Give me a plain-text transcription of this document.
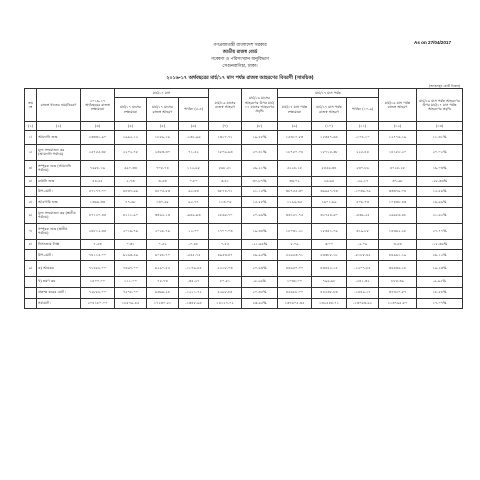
As on 27/04/2017
গণপ্রজাতন্ত্রী বাংলাদেশ সরকার
জাতীয় রাজস্ব বোর্ড
গবেষণা ও পরিসংখ্যান অনুবিভাগ
সেগুনবাগিচা, ঢাকা।
২০১৬-১৭ অর্থবছরের মার্চ/১৭ মাস পর্যন্ত রাজস্ব আহরণের বিবরণী (সাময়িক)
(অংকসমূহ কোটি টাকায়)
ক্রম নং	রাজস্ব খাতের নাম/বিবরণ	২০১৬-১৭ অর্থবছরের রাজস্ব লক্ষ্যমাত্রা	মার্চ/১৭ মাস			মার্চ/১৬ মাসের রাজস্ব আহরণ	মার্চ/১৬ মাসের আহরণের উপর মার্চ/১৭ মাসের আহরণের প্রবৃদ্ধি	মার্চ/১৭ মাস পর্যন্ত			মার্চ/১৬ মাস পর্যন্ত রাজস্ব আহরণ	মার্চ/১৬ মাস পর্যন্ত আহরণের উপর মার্চ/১৭ মাস পর্যন্ত আহরণের প্রবৃদ্ধি
			মার্চ/১৭ মাসের লক্ষ্যমাত্রা	মার্চ/১৭ মাসের রাজস্ব আহরণ	পার্থক্য (৫-৪)			মার্চ/১৭ মাস পর্যন্ত লক্ষ্যমাত্রা	মার্চ/১৭ মাস পর্যন্ত রাজস্ব আহরণ	পার্থক্য (১০-৯)		
(১)	(২)	(৩)	(৪)	(৫)	(৬)	(৭)	(৮)	(৯)	(১০)	(১১)	(১২)	(১৩)
১।	আমদানি শুল্ক	২৩৩৩১.৯০	১৯৯২.১২	১৮৫৯.১৬	-১৩২.৯৬	১৩১০.৭১	১৯.৫৮%	১৫৩১০.৮৩	১৫৩৫৭.৬৪	-১০৪.১০	১২৭৭৬.১৯	১১.৩১%
২।	মূল্য সংযোজন কর (আমদানি পর্যায়ে)	২৫৭৫৫.৩৮	২২০২.৭৮	২৩৫৩.৩০	৭১.৫২	১৮০৬.৬৩	২০.৪১%	১৮৭৫০.০৪	১৮৭১৪.৩৮	২২৫.৪৪	১৪১৮৮.২০	২০.০২%
৩।	সম্পূরক শুল্ক (আমদানি পর্যায়ে)	৭৬৮৮.১৬	৫৯০.৩৩	৭০৮.৭৪	১১২.৯৮	৫৬৮.৫১	২৬.২১%	৫২২৮.১৮	৫৪৫৬.৩৪	২৩০.৮৬	৪৭২৮.২৮	১৬.০৩%
৪।	রপ্তানি শুল্ক	৪৪.৫৫	২.৭৩	৩.৫৩	০.৮০	৩.৪১	৩০.৮৭%	৩৩.০২	২৬.৬৪	-২৯.১৭	৩৭.৬৮	-২৮.৩৩%
	উপ-মোট :	৫৭১৭৭.০০	৪৮৩৭.৯৬	৪৮০৫.৫৩	৬২.৪৩	৩৮৭৪.৭১	২১.১৫%	৩৮৭৫৫.৩০	৩৯৬৫৭.৭৩	-১০৩৬.৭৯	৩৩৩৭৯.০৪	১২.৫৬%
৫।	আবগারি শুল্ক	১৩৬৬.৩৩	৭৭.৬৮	১৩০.৬৫	৯২.৭৭	১১৩.০৬	১৫.৫৮%	১১৯৬.৩৫	১৬০১.৬৯	৫০৬.৭৩	১০৪৩৮.৪৩	১৬.৬৯%
৬।	মূল্য সংযোজন কর (স্থানীয় পর্যায়ে)	৪৭১২০.৪৪	৪১১১.৯০	৩৪৬২.১৩	-৬৪৯.৬৩	২৮৬৬.৭০	২০.৬৯%	৩৩১৫১.৭৫	৩২৭৫৪.৬০	-৪৩৯.২৫	২৬৯৮৬.৪৮	২১.৬২%
৭।	সম্পূরক শুল্ক (স্থানীয় পর্যায়ে)	২৪৮১২.৩৪	২০১৬.৭৬	২০২৮.৭৬	১২.০০	১৭০০.০৩	১৯.৩৪%	১৮০৩১.২১	১৮৩৫১.০৯	৩১৯.৮৮	১৪৩৬২.২৮	২৭.৭৭%
৮।	টার্নওভার ট্যাক্স	৭.৫৩	০.৩১	০.৫২	-০.৪৮	০.৫৫	-২১.৬৪%	৫.০৯	৩.০০	-২.০৯	৩.৫৩	-১৫.৩৬%
	উপ-মোট :	৭৪১১৫.০০	৬১৬৩.৪৯	৬০৫৮.৭০	-৫৫৫.৭৫	৪৯৫৩.৪৭	২৬.৯৫%	৫২৬৫৩.৭১	৫৩৩৮৮.১৮	-৫১৮৮.৪৫	৪৪৯৬১.১৯	২৬.১২%
৯।	ক) আয়কর	৭১৪৮৮.০০	৭৪৬৭.০০	৬২৯০.৫৫	-১১৭৬.৪৫	৫২১৮.০৩	২০.৬৩%	৪৪৬৫০.০০	৪৩৪৪২.১৫	-১২০৭.৮৫	৩৬৪৩৬.১৮	১৯.২৩%
	খ) ভ্রমণ কর	১৪০০.০০	১১১.০০	৭৫.৭৩	-৩৫.২৭	৮০.৮১	-৬.২৯%	১০৩৮.০০	৭৯৬.৬৮	-২৪১.৩২	৮৮৪.৩৯	-৯.৯২%
	প্রত্যক্ষ করের মোট :	৭২৮৮৮.০০	৭৫৭৮.০০	৬৩৬৬.২৮	-১২১১.৭২	৫২৯৮.৮৪	২০.৩৫%	৪৫৬৮৮.০০	৪৪২৩৮.৮৩	-১৪৪৯.১৭	৩৭৩২০.৫৭	১৮.৫৪%
	সর্বমোট :	২০৪১৮০.০০	১৮৫৭৯.৪৫	১৭২৩০.৫১	-১৩৪৮.৯৪	১৪১২৭.০২	২৩.৬৫%	১৩৭৬০৫.৩৫	১৩২৫৪৪.৭১	-১৩০৬৩.৬২	১১৩৭৬৫.৮০	১৭.০৭%
